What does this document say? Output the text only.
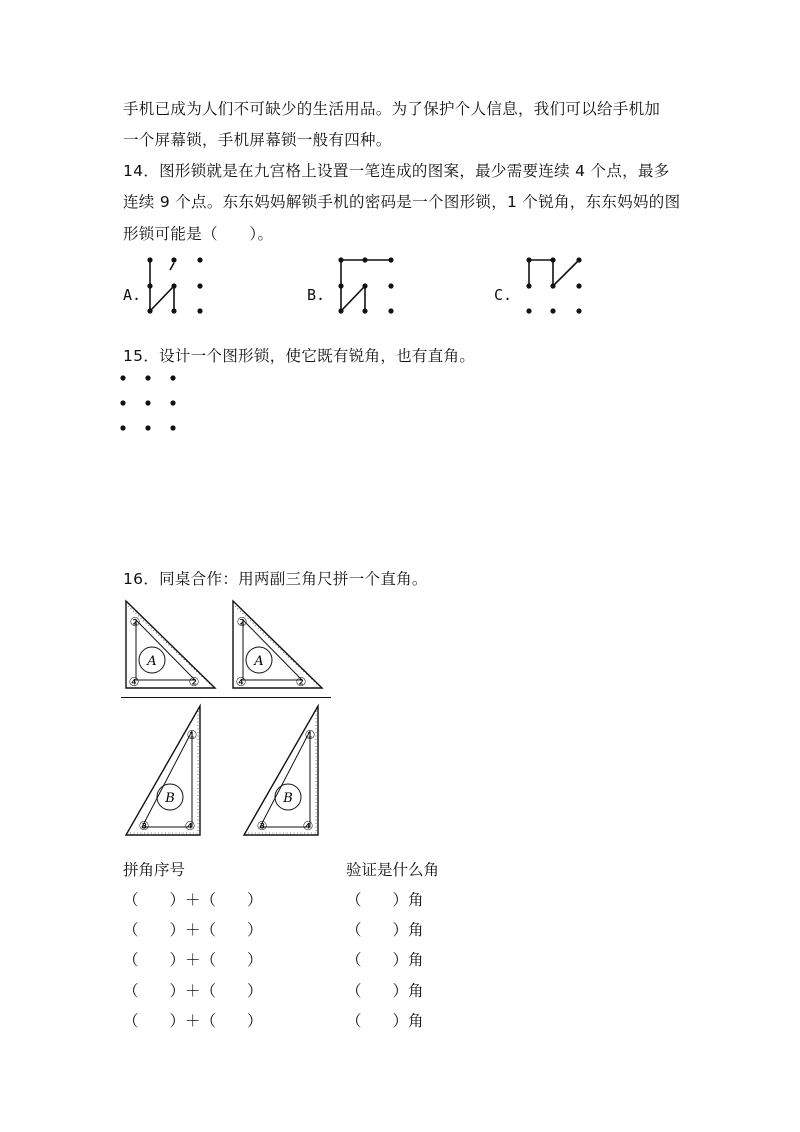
手机已成为人们不可缺少的生活用品。为了保护个人信息，我们可以给手机加
一个屏幕锁，手机屏幕锁一般有四种。
14．图形锁就是在九宫格上设置一笔连成的图案，最少需要连续 4 个点，最多
连续 9 个点。东东妈妈解锁手机的密码是一个图形锁，1 个锐角，东东妈妈的图
形锁可能是（　　）。
A.	B.	C.
15．设计一个图形锁，使它既有锐角，也有直角。
16．同桌合作：用两副三角尺拼一个直角。
A
②
④	②
A
②
④	②
B
①
③	④
B
①
③	④
拼角序号	验证是什么角
（　　）＋（　　）	（　　）角
（　　）＋（　　）	（　　）角
（　　）＋（　　）	（　　）角
（　　）＋（　　）	（　　）角
（　　）＋（　　）	（　　）角
